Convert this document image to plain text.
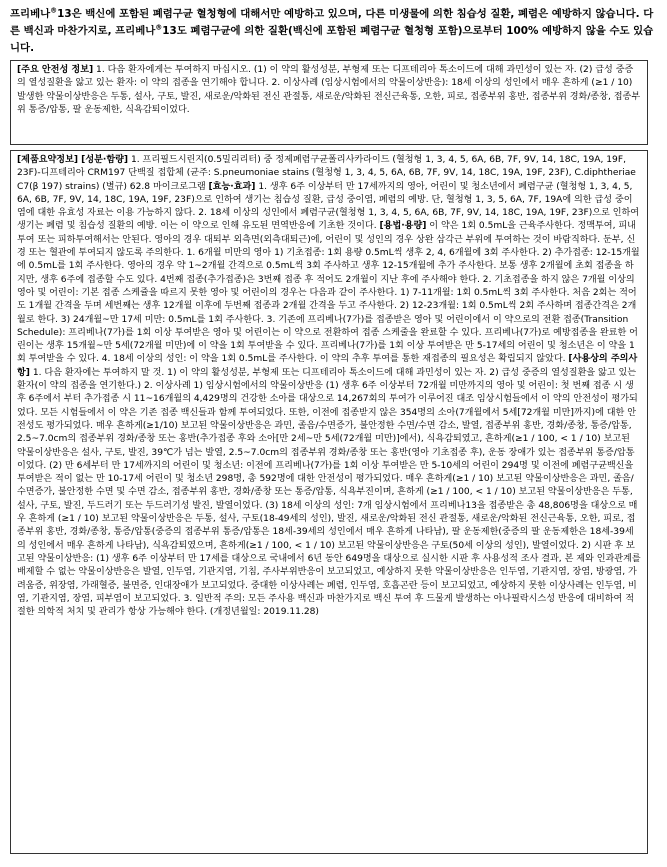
프리베나®13은 백신에 포함된 폐렴구균 혈청형에 대해서만 예방하고 있으며, 다른 미생물에 의한 침습성 질환, 폐렴은 예방하지 않습니다. 다른 백신과 마찬가지로, 프리베나®13도 폐렴구균에 의한 질환(백신에 포함된 폐렴구균 혈청형 포함)으로부터 100% 예방하지 않을 수도 있습니다.
[주요 안전성 정보] 1. 다음 환자에게는 투여하지 마십시오. (1) 이 약의 활성성분, 부형제 또는 디프테리아 톡소이드에 대해 과민성이 있는 자. (2) 급성 중증의 열성질환을 앓고 있는 환자: 이 약의 접종을 연기해야 합니다. 2. 이상사례 (임상시험에서의 약물이상반응): 18세 이상의 성인에서 매우 흔하게 (≥1 / 10) 발생한 약물이상반응은 두통, 설사, 구토, 발진, 새로운/악화된 전신 관절통, 새로운/악화된 전신근육통, 오한, 피로, 접종부위 홍반, 접종부위 경화/종창, 접종부위 통증/압통, 팔 운동제한, 식욕감퇴이었다.
[제품요약정보] [성분·함량] 1. 프리필드시린지(0.5밀리리터) 중 정제폐렴구균폴리사카라이드 (혈청형 1, 3, 4, 5, 6A, 6B, 7F, 9V, 14, 18C, 19A, 19F, 23F)-디프테리아 CRM197 단백질 접합체 (균주: S.pneumoniae stains (혈청형 1, 3, 4, 5, 6A, 6B, 7F, 9V, 14, 18C, 19A, 19F, 23F), C.diphtheriae C7(β 197) strains) (별규) 62.8 마이크로그램 [효능·효과] 1. 생후 6주 이상부터 만 17세까지의 영아, 어린이 및 청소년에서 폐렴구균 (혈청형 1, 3, 4, 5, 6A, 6B, 7F, 9V, 14, 18C, 19A, 19F, 23F)으로 인하여 생기는 침습성 질환, 급성 중이염, 폐렴의 예방. 단, 혈청형 1, 3, 5, 6A, 7F, 19A에 의한 급성 중이염에 대한 유효성 자료는 이용 가능하지 않다. 2. 18세 이상의 성인에서 폐렴구균(혈청형 1, 3, 4, 5, 6A, 6B, 7F, 9V, 14, 18C, 19A, 19F, 23F)으로 인하여 생기는 폐렴 및 침습성 질환의 예방. 이는 이 약으로 인해 유도된 면역반응에 기초한 것이다. [용법·용량] 이 약은 1회 0.5mL을 근육주사한다. 정맥투여, 피내투여 또는 피하투여해서는 안된다. 영아의 경우 대퇴부 외측면(외측대퇴근)에, 어린이 및 성인의 경우 상완 삼각근 부위에 투여하는 것이 바람직하다. 둔부, 신경 또는 혈관에 투여되지 않도록 주의한다. 1. 6개월 미만의 영아 1) 기초접종: 1회 용량 0.5mL씩 생후 2, 4, 6개월에 3회 주사한다. 2) 추가접종: 12-15개월에 0.5mL를 1회 주사한다. 영아의 경우 약 1~2개월 간격으로 0.5mL씩 3회 주사하고 생후 12-15개월에 추가 주사한다. 보통 생후 2개월에 초회 접종을 하지만, 생후 6주에 접종할 수도 있다. 4번째 접종(추가접종)은 3번째 접종 후 적어도 2개월이 지난 후에 주사해야 한다. 2. 기초접종을 하지 않은 7개월 이상의 영아 및 어린이: 기본 접종 스케쥴을 따르지 못한 영아 및 어린이의 경우는 다음과 같이 주사한다. 1) 7-11개월: 1회 0.5mL씩 3회 주사한다. 처음 2회는 적어도 1개월 간격을 두며 세번째는 생후 12개월 이후에 두번째 접종과 2개월 간격을 두고 주사한다. 2) 12-23개월: 1회 0.5mL씩 2회 주사하며 접종간격은 2개월로 한다. 3) 24개월~만 17세 미만: 0.5mL를 1회 주사한다. 3. 기존에 프리베나(7가)를 접종받은 영아 및 어린이에서 이 약으로의 전환 접종(Transition Schedule): 프리베나(7가)를 1회 이상 투여받은 영아 및 어린이는 이 약으로 전환하여 접종 스케줄을 완료할 수 있다. 프리베나(7가)로 예방접종을 완료한 어린이는 생후 15개월~만 5세(72개월 미만)에 이 약을 1회 투여받을 수 있다. 프리베나(7가)를 1회 이상 투여받은 만 5-17세의 어린이 및 청소년은 이 약을 1회 투여받을 수 있다. 4. 18세 이상의 성인: 이 약을 1회 0.5mL를 주사한다. 이 약의 추후 투여를 통한 재접종의 필요성은 확립되지 않았다. [사용상의 주의사항] 1. 다음 환자에는 투여하지 말 것. 1) 이 약의 활성성분, 부형제 또는 디프테리아 톡소이드에 대해 과민성이 있는 자. 2) 급성 중증의 열성질환을 앓고 있는 환자(이 약의 접종을 연기한다.) 2. 이상사례 1) 임상시험에서의 약물이상반응 (1) 생후 6주 이상부터 72개월 미만까지의 영아 및 어린이: 첫 번째 접종 시 생후 6주에서 부터 추가접종 시 11~16개월의 4,429명의 건강한 소아를 대상으로 14,267회의 투여가 이루어진 대조 임상시험들에서 이 약의 안전성이 평가되었다. 모든 시험들에서 이 약은 기존 접종 백신들과 함께 투여되었다. 또한, 이전에 접종받지 않은 354명의 소아(7개월에서 5세[72개월 미만]까지)에 대한 안전성도 평가되었다. 매우 흔하게(≥1/10) 보고된 약물이상반응은 과민, 졸음/수면증가, 불안정한 수면/수면 감소, 발열, 접종부위 홍반, 경화/종창, 통증/압통, 2.5~7.0cm의 접종부위 경화/종창 또는 홍반(추가접종 후와 소아[만 2세~만 5세(72개월 미만)]에서), 식욕감퇴였고, 흔하게(≥1 / 100, < 1 / 10) 보고된 약물이상반응은 설사, 구토, 발진, 39℃가 넘는 발열, 2.5~7.0cm의 접종부위 경화/종창 또는 홍반(영아 기초접종 후), 운동 장애가 있는 접종부위 통증/압통이었다. (2) 만 6세부터 만 17세까지의 어린이 및 청소년: 이전에 프리베나(7가)를 1회 이상 투여받은 만 5-10세의 어린이 294명 및 이전에 폐렴구균백신을 투여받은 적이 없는 만 10-17세 어린이 및 청소년 298명, 총 592명에 대한 안전성이 평가되었다. 매우 흔하게(≥1 / 10) 보고된 약물이상반응은 과민, 졸음/수면증가, 불안정한 수면 및 수면 감소, 접종부위 홍반, 경화/종창 또는 통증/압통, 식욕부진이며, 흔하게 (≥1 / 100, < 1 / 10) 보고된 약물이상반응은 두통, 설사, 구토, 발진, 두드러기 또는 두드러기성 발진, 발열이었다. (3) 18세 이상의 성인: 7개 임상시험에서 프리베나13을 접종받은 총 48,806명을 대상으로 매우 흔하게 (≥1 / 10) 보고된 약물이상반응은 두통, 설사, 구토(18-49세의 성인), 발진, 새로운/악화된 전신 관절통, 새로운/악화된 전신근육통, 오한, 피로, 접종부위 홍반, 경화/종창, 통증/압통(중증의 접종부위 통증/압통은 18세-39세의 성인에서 매우 흔하게 나타남), 팔 운동제한(중증의 팔 운동제한은 18세-39세의 성인에서 매우 흔하게 나타남), 식욕감퇴였으며, 흔하게(≥1 / 100, < 1 / 10) 보고된 약물이상반응은 구토(50세 이상의 성인), 발열이었다. 2) 시판 후 보고된 약물이상반응: (1) 생후 6주 이상부터 만 17세를 대상으로 국내에서 6년 동안 649명을 대상으로 실시한 시판 후 사용성적 조사 결과, 본 제와 인과관계를 배제할 수 없는 약물이상반응은 발열, 인두염, 기관지염, 기침, 주사부위반응이 보고되었고, 예상하지 못한 약물이상반응은 인두염, 기관지염, 장염, 방광염, 가려움증, 위장염, 가래혈증, 불면증, 인대장애가 보고되었다. 중대한 이상사례는 폐렴, 인두염, 호흡곤란 등이 보고되었고, 예상하지 못한 이상사례는 인두염, 비염, 기관지염, 장염, 피부염이 보고되었다. 3. 일반적 주의: 모든 주사용 백신과 마찬가지로 백신 투여 후 드물게 발생하는 아나필락시스성 반응에 대비하여 적절한 의학적 처치 및 관리가 항상 가능해야 한다. (개정년월일: 2019.11.28)
